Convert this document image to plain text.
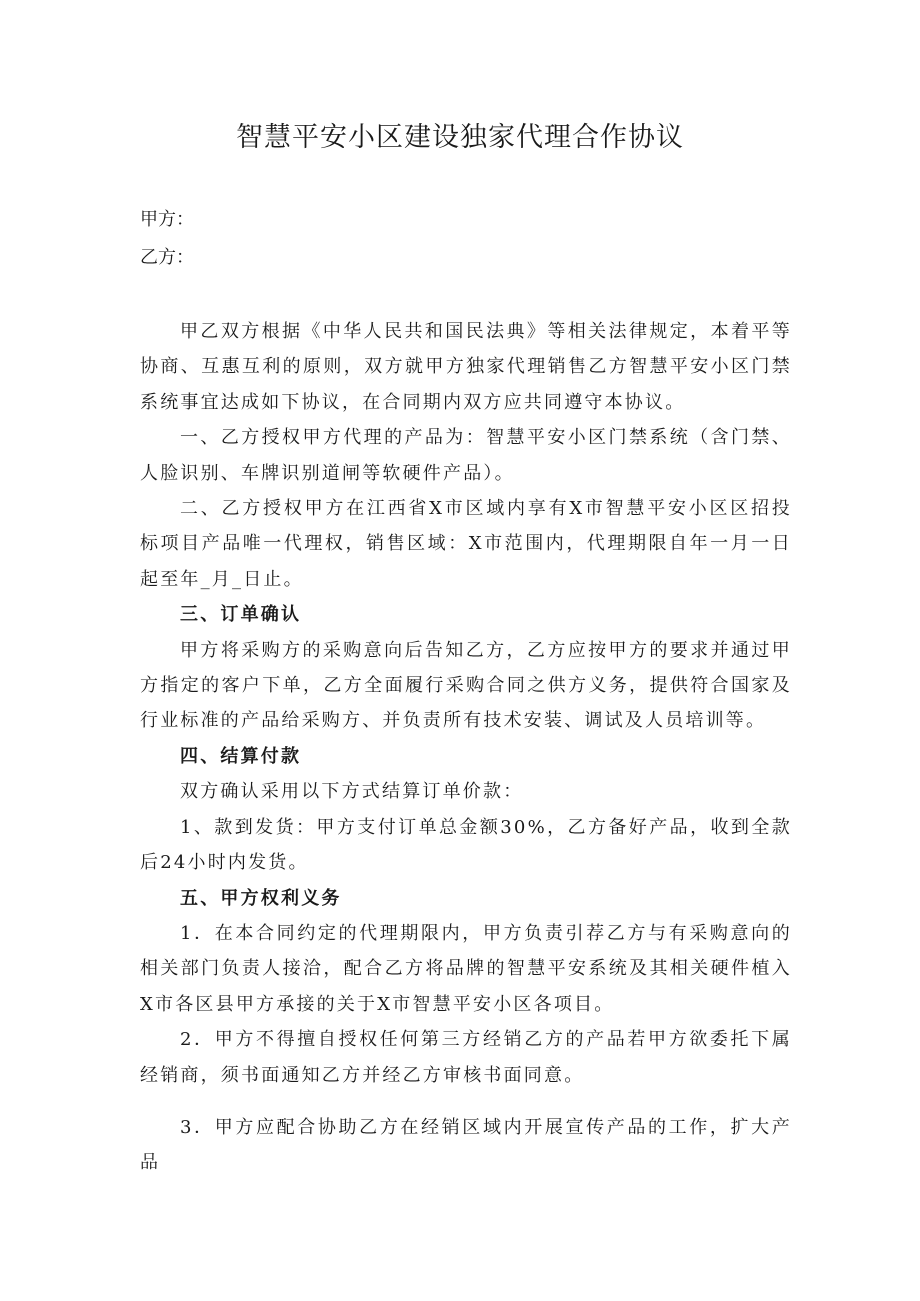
智慧平安小区建设独家代理合作协议

甲方：

乙方：

甲乙双方根据《中华人民共和国民法典》等相关法律规定，本着平等协商、互惠互利的原则，双方就甲方独家代理销售乙方智慧平安小区门禁系统事宜达成如下协议，在合同期内双方应共同遵守本协议。

一、乙方授权甲方代理的产品为：智慧平安小区门禁系统（含门禁、人脸识别、车牌识别道闸等软硬件产品）。

二、乙方授权甲方在江西省X市区域内享有X市智慧平安小区区招投标项目产品唯一代理权，销售区域：X市范围内，代理期限自年一月一日起至年_月_日止。

三、订单确认

甲方将采购方的采购意向后告知乙方，乙方应按甲方的要求并通过甲方指定的客户下单，乙方全面履行采购合同之供方义务，提供符合国家及行业标准的产品给采购方、并负责所有技术安装、调试及人员培训等。

四、结算付款

双方确认采用以下方式结算订单价款：

1、款到发货：甲方支付订单总金额30%，乙方备好产品，收到全款后24小时内发货。

五、甲方权利义务

1．在本合同约定的代理期限内，甲方负责引荐乙方与有采购意向的相关部门负责人接洽，配合乙方将品牌的智慧平安系统及其相关硬件植入X市各区县甲方承接的关于X市智慧平安小区各项目。

2．甲方不得擅自授权任何第三方经销乙方的产品若甲方欲委托下属经销商，须书面通知乙方并经乙方审核书面同意。

3．甲方应配合协助乙方在经销区域内开展宣传产品的工作，扩大产品
